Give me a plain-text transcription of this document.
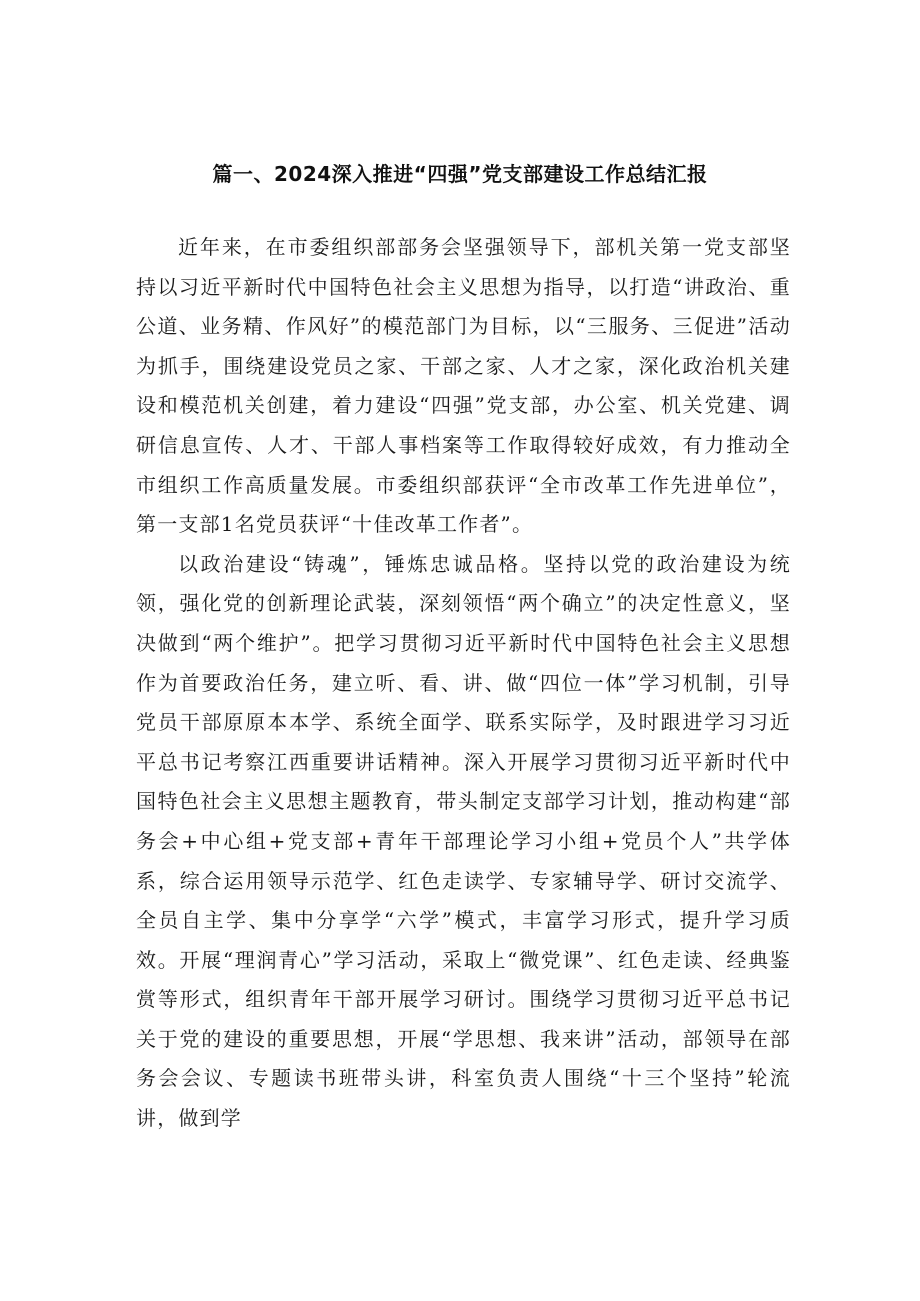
篇一、2024深入推进“四强”党支部建设工作总结汇报

近年来，在市委组织部部务会坚强领导下，部机关第一党支部坚持以习近平新时代中国特色社会主义思想为指导，以打造“讲政治、重公道、业务精、作风好”的模范部门为目标，以“三服务、三促进”活动为抓手，围绕建设党员之家、干部之家、人才之家，深化政治机关建设和模范机关创建，着力建设“四强”党支部，办公室、机关党建、调研信息宣传、人才、干部人事档案等工作取得较好成效，有力推动全市组织工作高质量发展。市委组织部获评“全市改革工作先进单位”，第一支部1名党员获评“十佳改革工作者”。

以政治建设“铸魂”，锤炼忠诚品格。坚持以党的政治建设为统领，强化党的创新理论武装，深刻领悟“两个确立”的决定性意义，坚决做到“两个维护”。把学习贯彻习近平新时代中国特色社会主义思想作为首要政治任务，建立听、看、讲、做“四位一体”学习机制，引导党员干部原原本本学、系统全面学、联系实际学，及时跟进学习习近平总书记考察江西重要讲话精神。深入开展学习贯彻习近平新时代中国特色社会主义思想主题教育，带头制定支部学习计划，推动构建“部务会+中心组+党支部+青年干部理论学习小组+党员个人”共学体系，综合运用领导示范学、红色走读学、专家辅导学、研讨交流学、全员自主学、集中分享学“六学”模式，丰富学习形式，提升学习质效。开展“理润青心”学习活动，采取上“微党课”、红色走读、经典鉴赏等形式，组织青年干部开展学习研讨。围绕学习贯彻习近平总书记关于党的建设的重要思想，开展“学思想、我来讲”活动，部领导在部务会会议、专题读书班带头讲，科室负责人围绕“十三个坚持”轮流讲，做到学
